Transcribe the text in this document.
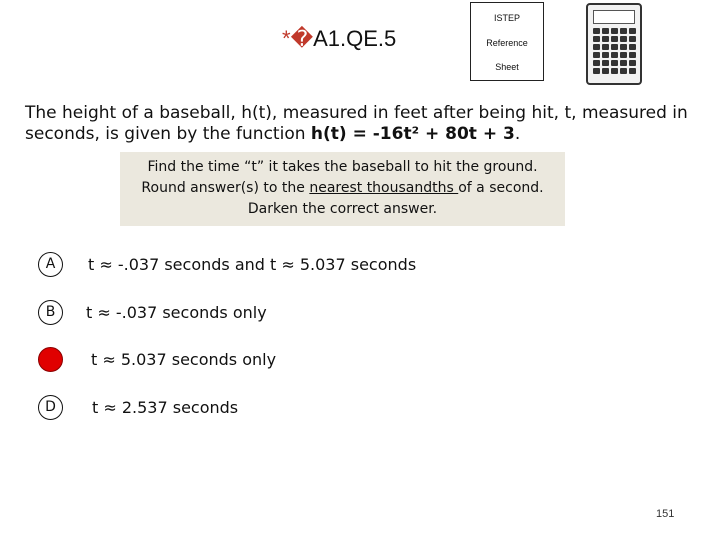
*�A1.QE.5
ISTEP
Reference
Sheet
The height of a baseball, h(t), measured in feet after being hit, t, measured in seconds, is given by the function h(t) = -16t² + 80t + 3.
Find the time “t” it takes the baseball to hit the ground.
Round answer(s) to the nearest thousandths of a second.
Darken the correct answer.
A	t ≈ -.037 seconds and t ≈ 5.037 seconds
B	t ≈ -.037 seconds only
t ≈ 5.037 seconds only
D	t ≈ 2.537 seconds
151
